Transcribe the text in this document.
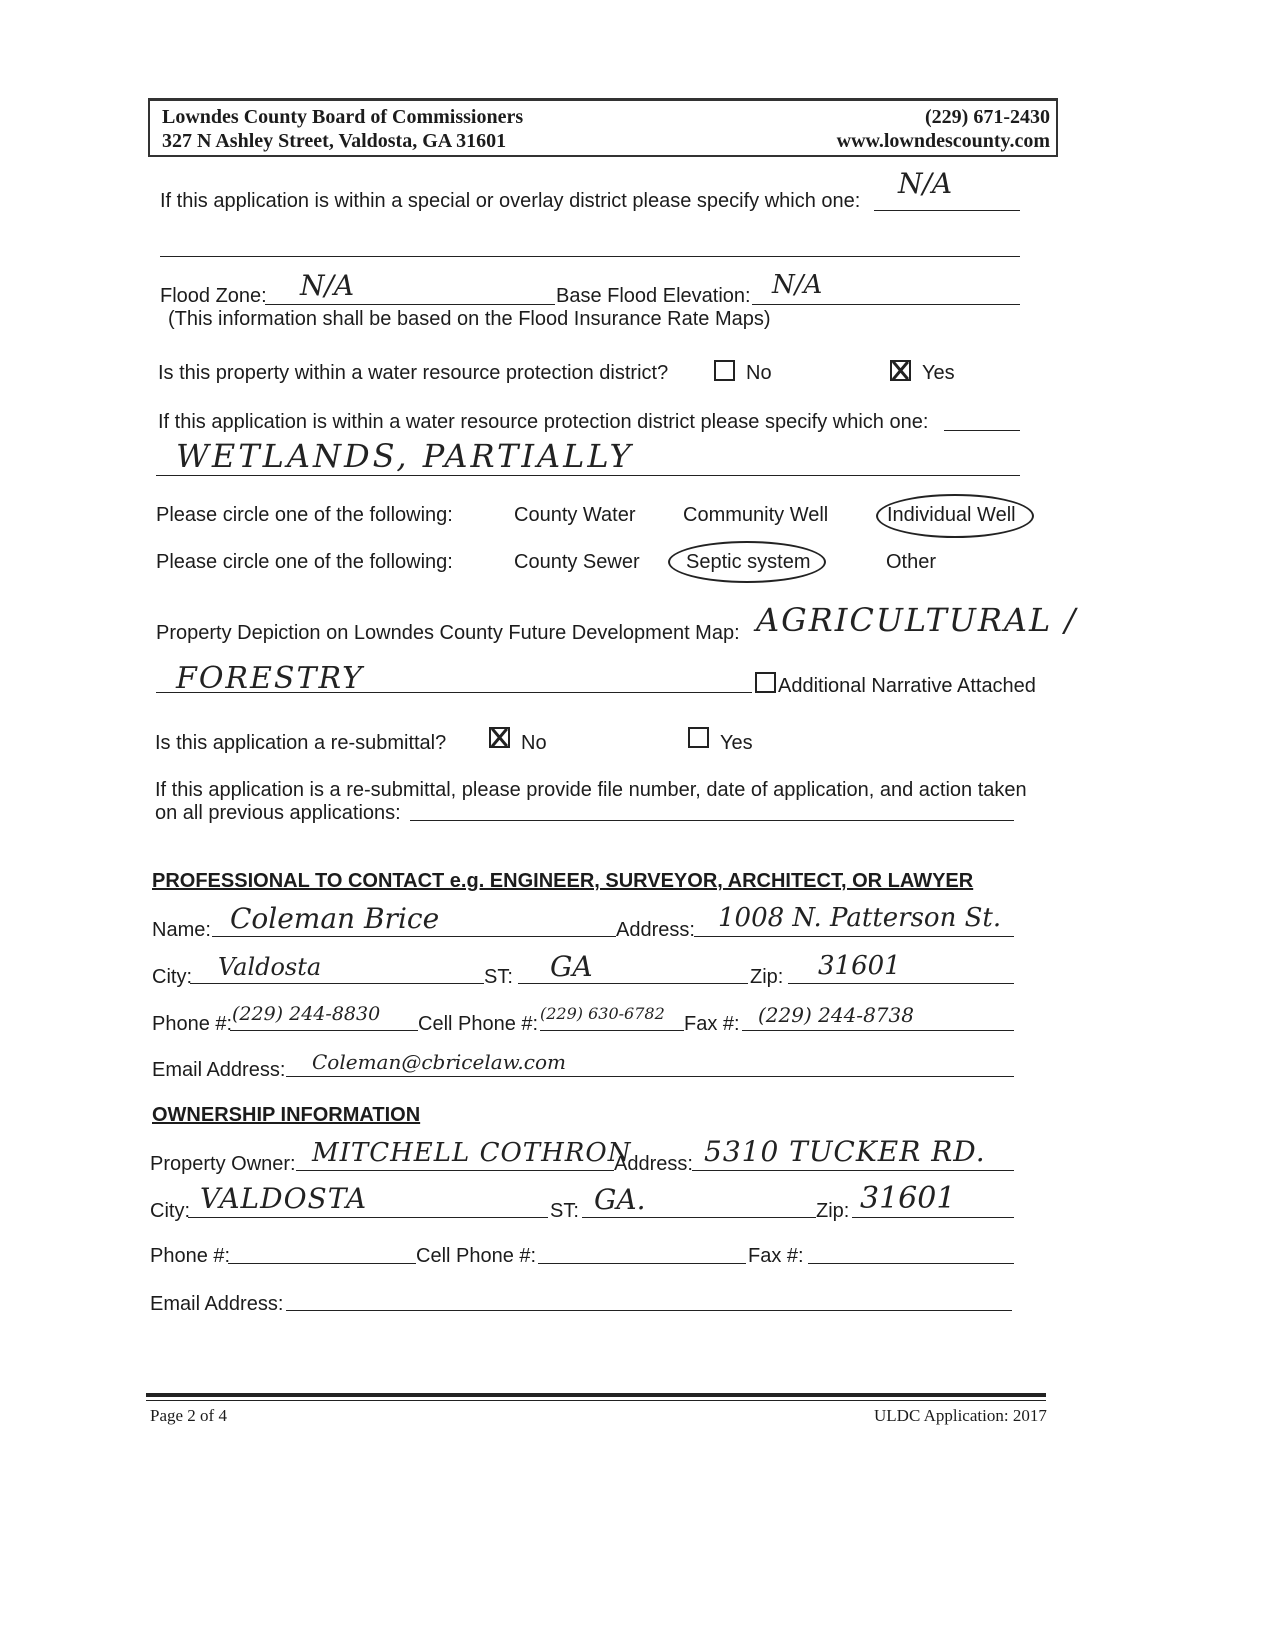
Lowndes County Board of Commissioners
327 N Ashley Street, Valdosta, GA 31601
(229) 671-2430
www.lowndescounty.com
If this application is within a special or overlay district please specify which one:
N/A
Flood Zone: N/A	Base Flood Elevation: N/A
(This information shall be based on the Flood Insurance Rate Maps)
Is this property within a water resource protection district?	No	Yes
If this application is within a water resource protection district please specify which one:
WETLANDS, PARTIALLY
Please circle one of the following:	County Water Community Well	Individual Well
Please circle one of the following:	County Sewer Septic system	Other
Property Depiction on Lowndes County Future Development Map: AGRICULTURAL /
FORESTRY	Additional Narrative Attached
Is this application a re-submittal?	No	Yes
If this application is a re-submittal, please provide file number, date of application, and action taken
on all previous applications:
PROFESSIONAL TO CONTACT e.g. ENGINEER, SURVEYOR, ARCHITECT, OR LAWYER
Name: Coleman Brice	Address: 1008 N. Patterson St.
City: Valdosta	ST: GA	Zip: 31601
Phone #: (229) 244-8830 Cell Phone #: (229) 630-6782 Fax #: (229) 244-8738
Email Address: Coleman@cbricelaw.com
OWNERSHIP INFORMATION
Property Owner: MITCHELL COTHRON
Address: 5310 TUCKER RD.
City: VALDOSTA	ST: GA.	Zip: 31601
Phone #:	Cell Phone #:	Fax #:
Email Address:
Page 2 of 4	ULDC Application: 2017
